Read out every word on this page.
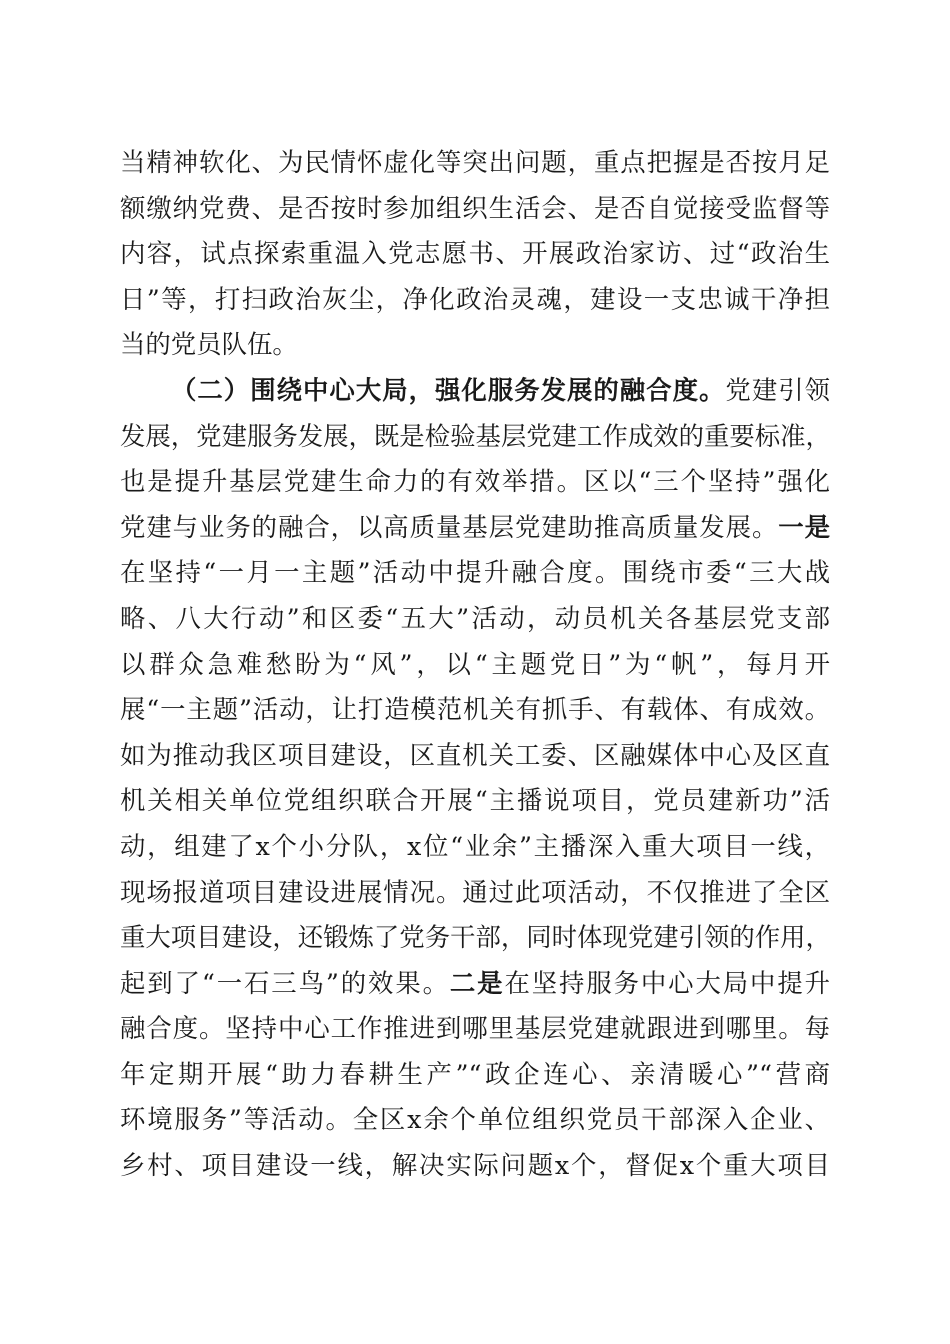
当精神软化、为民情怀虚化等突出问题，重点把握是否按月足
额缴纳党费、是否按时参加组织生活会、是否自觉接受监督等
内容，试点探索重温入党志愿书、开展政治家访、过“政治生
日”等，打扫政治灰尘，净化政治灵魂，建设一支忠诚干净担
当的党员队伍。
（二）围绕中心大局，强化服务发展的融合度。党建引领
发展，党建服务发展，既是检验基层党建工作成效的重要标准，
也是提升基层党建生命力的有效举措。区以“三个坚持”强化
党建与业务的融合，以高质量基层党建助推高质量发展。一是
在坚持“一月一主题”活动中提升融合度。围绕市委“三大战
略、八大行动”和区委“五大”活动，动员机关各基层党支部
以群众急难愁盼为“风”，以“主题党日”为“帆”，每月开
展“一主题”活动，让打造模范机关有抓手、有载体、有成效。
如为推动我区项目建设，区直机关工委、区融媒体中心及区直
机关相关单位党组织联合开展“主播说项目，党员建新功”活
动，组建了x个小分队，x位“业余”主播深入重大项目一线，
现场报道项目建设进展情况。通过此项活动，不仅推进了全区
重大项目建设，还锻炼了党务干部，同时体现党建引领的作用，
起到了“一石三鸟”的效果。二是在坚持服务中心大局中提升
融合度。坚持中心工作推进到哪里基层党建就跟进到哪里。每
年定期开展“助力春耕生产”“政企连心、亲清暖心”“营商
环境服务”等活动。全区x余个单位组织党员干部深入企业、
乡村、项目建设一线，解决实际问题x个，督促x个重大项目
